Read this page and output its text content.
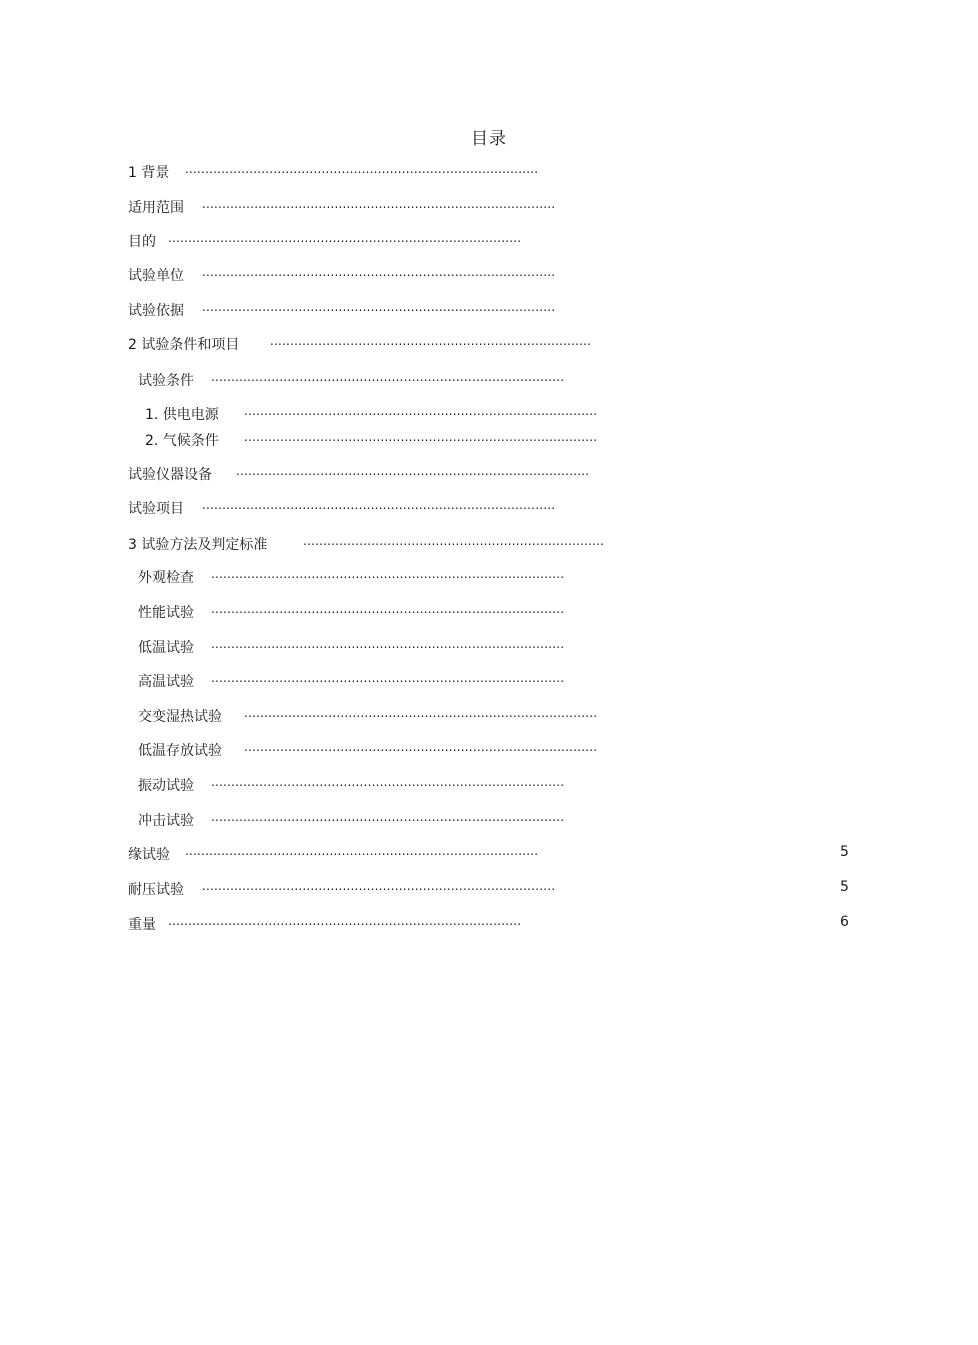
目录
1 背景 ........................................................................................
适用范围 ........................................................................................
目的 ........................................................................................
试验单位 ........................................................................................
试验依据 ........................................................................................
2 试验条件和项目	................................................................................
试验条件 ........................................................................................
1. 供电电源 ........................................................................................
2. 气候条件 ........................................................................................
试验仪器设备 ........................................................................................
试验项目 ........................................................................................
3 试验方法及判定标准	...........................................................................
外观检查 ........................................................................................
性能试验 ........................................................................................
低温试验 ........................................................................................
高温试验 ........................................................................................
交变湿热试验 ........................................................................................
低温存放试验 ........................................................................................
振动试验 ........................................................................................
冲击试验 ........................................................................................
缘试验 ........................................................................................	5
耐压试验 ........................................................................................	5
重量 ........................................................................................	6
